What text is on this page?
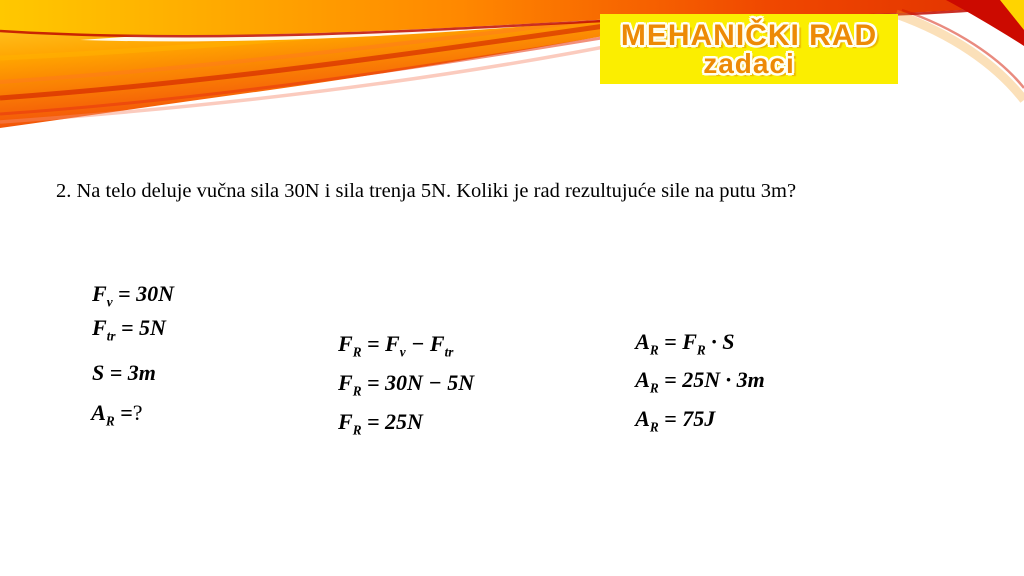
MEHANIČKI RAD
zadaci
2. Na telo deluje vučna sila 30N i sila trenja 5N. Koliki je rad rezultujuće sile na putu 3m?

$F_v = 30N$

$F_{tr} = 5N$

S = 3m

$A_R$ =?

$F_R = F_v - F_{tr}$

$F_R = 30N - 5N$

$F_R = 25N$

$A_R = F_R \cdot S$

$A_R = 25N \cdot 3m$

$A_R = 75J$
